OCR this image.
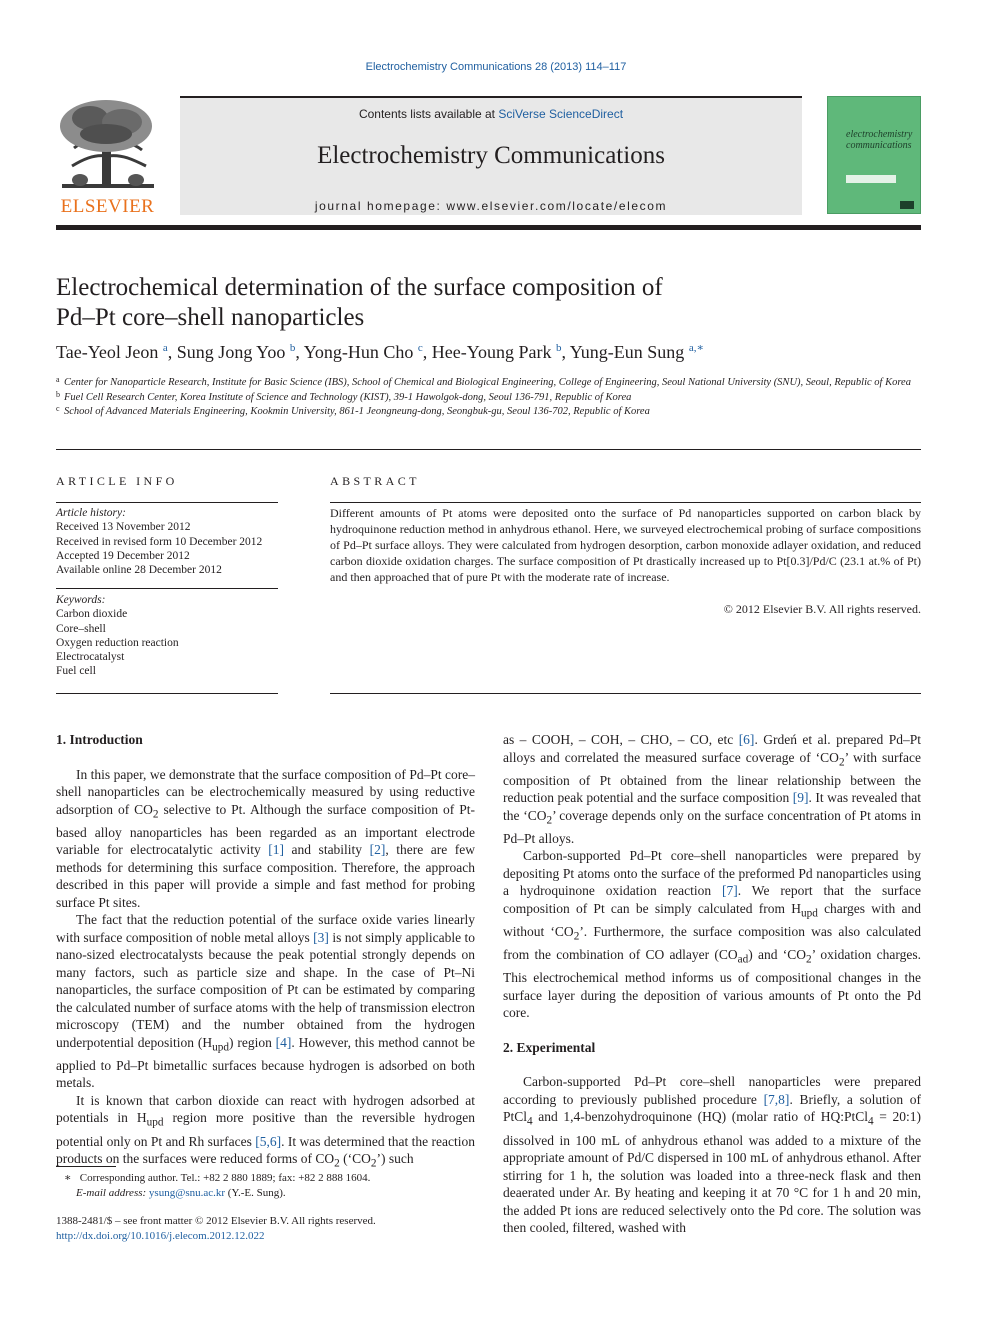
Electrochemistry Communications 28 (2013) 114–117
ELSEVIER
Contents lists available at SciVerse ScienceDirect
Electrochemistry Communications
journal homepage: www.elsevier.com/locate/elecom
electrochemistry communications
Electrochemical determination of the surface composition of
Pd–Pt core–shell nanoparticles
Tae-Yeol Jeon $^a$, Sung Jong Yoo $^b$, Yong-Hun Cho $^c$, Hee-Young Park $^b$, Yung-Eun Sung $^{a,∗}$
a Center for Nanoparticle Research, Institute for Basic Science (IBS), School of Chemical and Biological Engineering, College of Engineering, Seoul National University (SNU), Seoul, Republic of Korea
b Fuel Cell Research Center, Korea Institute of Science and Technology (KIST), 39-1 Hawolgok-dong, Seoul 136-791, Republic of Korea
c School of Advanced Materials Engineering, Kookmin University, 861-1 Jeongneung-dong, Seongbuk-gu, Seoul 136-702, Republic of Korea
ARTICLE INFO
Article history:
Received 13 November 2012
Received in revised form 10 December 2012
Accepted 19 December 2012
Available online 28 December 2012
Keywords:
Carbon dioxide
Core–shell
Oxygen reduction reaction
Electrocatalyst
Fuel cell
ABSTRACT
Different amounts of Pt atoms were deposited onto the surface of Pd nanoparticles supported on carbon black by hydroquinone reduction method in anhydrous ethanol. Here, we surveyed electrochemical probing of surface compositions of Pd–Pt surface alloys. They were calculated from hydrogen desorption, carbon monoxide adlayer oxidation, and reduced carbon dioxide oxidation charges. The surface composition of Pt drastically increased up to Pt[0.3]/Pd/C (23.1 at.% of Pt) and then approached that of pure Pt with the moderate rate of increase.
© 2012 Elsevier B.V. All rights reserved.
1. Introduction

In this paper, we demonstrate that the surface composition of Pd–Pt core–shell nanoparticles can be electrochemically measured by using reductive adsorption of $CO_2$ selective to Pt. Although the surface composition of Pt-based alloy nanoparticles has been regarded as an important electrode variable for electrocatalytic activity [1] and stability [2], there are few methods for determining this surface composition. Therefore, the approach described in this paper will provide a simple and fast method for probing surface Pt sites.

The fact that the reduction potential of the surface oxide varies linearly with surface composition of noble metal alloys [3] is not simply applicable to nano-sized electrocatalysts because the peak potential strongly depends on many factors, such as particle size and shape. In the case of Pt–Ni nanoparticles, the surface composition of Pt can be estimated by comparing the calculated number of surface atoms with the help of transmission electron microscopy (TEM) and the number obtained from the hydrogen underpotential deposition $(H_{upd})$ region [4]. However, this method cannot be applied to Pd–Pt bimetallic surfaces because hydrogen is adsorbed on both metals.

It is known that carbon dioxide can react with hydrogen adsorbed at potentials in $H_{upd}$ region more positive than the reversible hydrogen potential only on Pt and Rh surfaces [5,6]. It was determined that the reaction products on the surfaces were reduced forms of $CO_2$ $(‘CO_2’)$ such

as – COOH, – COH, – CHO, – CO, etc [6]. Grdeń et al. prepared Pd–Pt alloys and correlated the measured surface coverage of ‘$CO_2$’ with surface composition of Pt obtained from the linear relationship between the reduction peak potential and the surface composition [9]. It was revealed that the ‘$CO_2$’ coverage depends only on the surface concentration of Pt atoms in Pd–Pt alloys.

Carbon-supported Pd–Pt core–shell nanoparticles were prepared by depositing Pt atoms onto the surface of the preformed Pd nanoparticles using a hydroquinone oxidation reaction [7]. We report that the surface composition of Pt can be simply calculated from $H_{upd}$ charges with and without ‘$CO_2$’. Furthermore, the surface composition was also calculated from the combination of CO adlayer $(CO_{ad})$ and ‘$CO_2$’ oxidation charges. This electrochemical method informs us of compositional changes in the surface layer during the deposition of various amounts of Pt onto the Pd core.

2. Experimental

Carbon-supported Pd–Pt core–shell nanoparticles were prepared according to previously published procedure [7,8]. Briefly, a solution of PtCl$_4$ and 1,4-benzohydroquinone (HQ) (molar ratio of HQ:PtCl$_4$ = 20:1) dissolved in 100 mL of anhydrous ethanol was added to a mixture of the appropriate amount of Pd/C dispersed in 100 mL of anhydrous ethanol. After stirring for 1 h, the solution was loaded into a three-neck flask and then deaerated under Ar. By heating and keeping it at 70 °C for 1 h and 20 min, the added Pt ions are reduced selectively onto the Pd core. The solution was then cooled, filtered, washed with

∗ Corresponding author. Tel.: +82 2 880 1889; fax: +82 2 888 1604.
E-mail address: ysung@snu.ac.kr (Y.-E. Sung).
1388-2481/$ – see front matter © 2012 Elsevier B.V. All rights reserved.
http://dx.doi.org/10.1016/j.elecom.2012.12.022
